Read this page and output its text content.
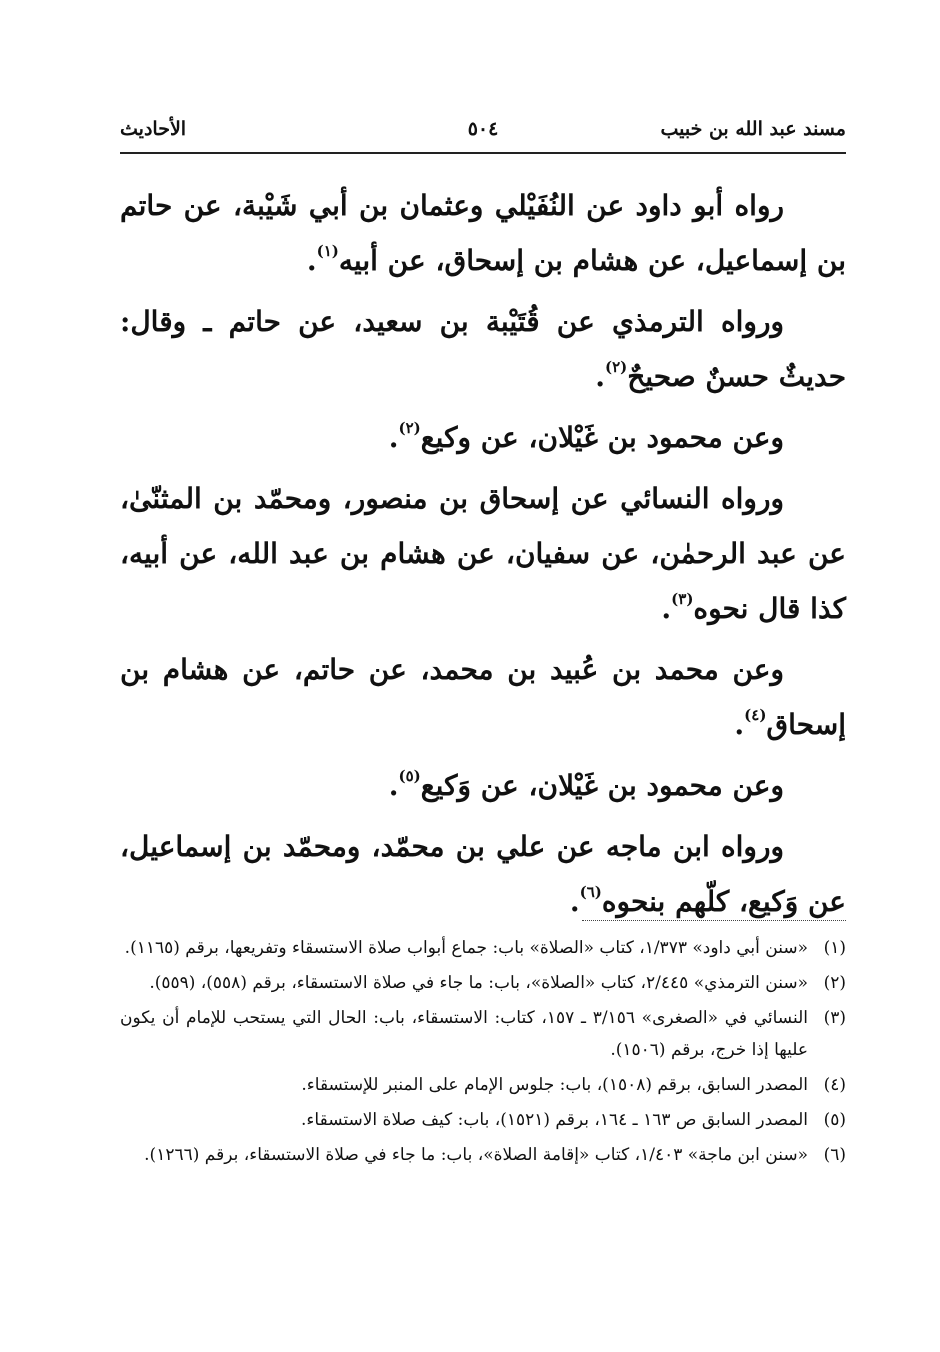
مسند عبد الله بن خبيب
٥٠٤
الأحاديث

رواه أبو داود عن النُفَيْلي وعثمان بن أبي شَيْبة، عن حاتم بن إسماعيل، عن هشام بن إسحاق، عن أبيه$^{(١)}$.

ورواه الترمذي عن قُتَيْبة بن سعيد، عن حاتم ـ وقال: حديثٌ حسنٌ صحيحٌ$^{(٢)}$.

وعن محمود بن غَيْلان، عن وكيع$^{(٢)}$.

ورواه النسائي عن إسحاق بن منصور، ومحمّد بن المثنّىٰ، عن عبد الرحمٰن، عن سفيان، عن هشام بن عبد الله، عن أبيه، كذا قال نحوه$^{(٣)}$.

وعن محمد بن عُبيد بن محمد، عن حاتم، عن هشام بن إسحاق$^{(٤)}$.

وعن محمود بن غَيْلان، عن وَكيع$^{(٥)}$.

ورواه ابن ماجه عن علي بن محمّد، ومحمّد بن إسماعيل، عن وَكيع، كلّهم بنحوه$^{(٦)}$.

(١)
«سنن أبي داود» ١/٣٧٣، كتاب «الصلاة» باب: جماع أبواب صلاة الاستسقاء وتفريعها، برقم (١١٦٥).
(٢)
«سنن الترمذي» ٢/٤٤٥، كتاب «الصلاة»، باب: ما جاء في صلاة الاستسقاء، برقم (٥٥٨)، (٥٥٩).
(٣)
النسائي في «الصغرى» ٣/١٥٦ ـ ١٥٧، كتاب: الاستسقاء، باب: الحال التي يستحب للإمام أن يكون عليها إذا خرج، برقم (١٥٠٦).
(٤)
المصدر السابق، برقم (١٥٠٨)، باب: جلوس الإمام على المنبر للإستسقاء.
(٥)
المصدر السابق ص ١٦٣ ـ ١٦٤، برقم (١٥٢١)، باب: كيف صلاة الاستسقاء.
(٦)
«سنن ابن ماجة» ١/٤٠٣، كتاب «إقامة الصلاة»، باب: ما جاء في صلاة الاستسقاء، برقم (١٢٦٦).
